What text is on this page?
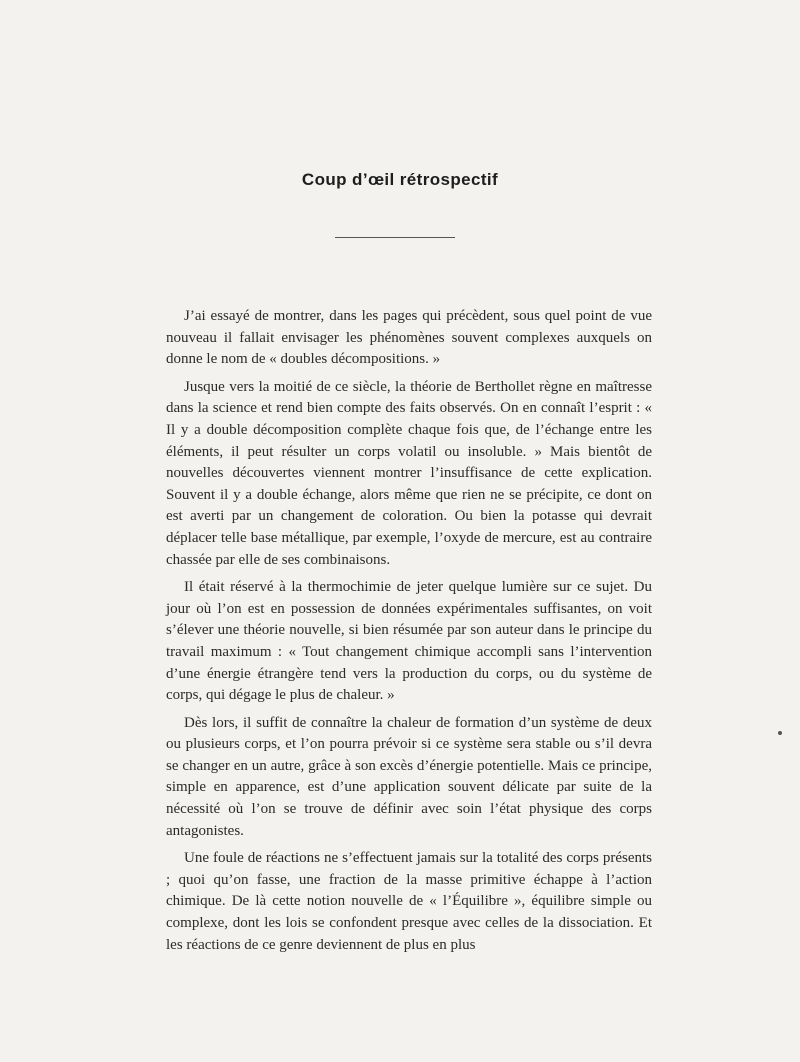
Coup d’œil rétrospectif

J’ai essayé de montrer, dans les pages qui précèdent, sous quel point de vue nouveau il fallait envisager les phénomènes souvent complexes auxquels on donne le nom de « doubles décompositions. »

Jusque vers la moitié de ce siècle, la théorie de Berthollet règne en maîtresse dans la science et rend bien compte des faits observés. On en connaît l’esprit : « Il y a double décomposition complète chaque fois que, de l’échange entre les éléments, il peut résulter un corps volatil ou insoluble. » Mais bientôt de nouvelles découvertes viennent montrer l’insuffisance de cette explication. Souvent il y a double échange, alors même que rien ne se précipite, ce dont on est averti par un changement de coloration. Ou bien la potasse qui devrait déplacer telle base métallique, par exemple, l’oxyde de mercure, est au contraire chassée par elle de ses combinaisons.

Il était réservé à la thermochimie de jeter quelque lumière sur ce sujet. Du jour où l’on est en possession de données expérimentales suffisantes, on voit s’élever une théorie nouvelle, si bien résumée par son auteur dans le principe du travail maximum : « Tout changement chimique accompli sans l’intervention d’une énergie étrangère tend vers la production du corps, ou du système de corps, qui dégage le plus de chaleur. »

Dès lors, il suffit de connaître la chaleur de formation d’un système de deux ou plusieurs corps, et l’on pourra prévoir si ce système sera stable ou s’il devra se changer en un autre, grâce à son excès d’énergie potentielle. Mais ce principe, simple en apparence, est d’une application souvent délicate par suite de la nécessité où l’on se trouve de définir avec soin l’état physique des corps antagonistes.

Une foule de réactions ne s’effectuent jamais sur la totalité des corps présents ; quoi qu’on fasse, une fraction de la masse primitive échappe à l’action chimique. De là cette notion nouvelle de « l’Équilibre », équilibre simple ou complexe, dont les lois se confondent presque avec celles de la dissociation. Et les réactions de ce genre deviennent de plus en plus
